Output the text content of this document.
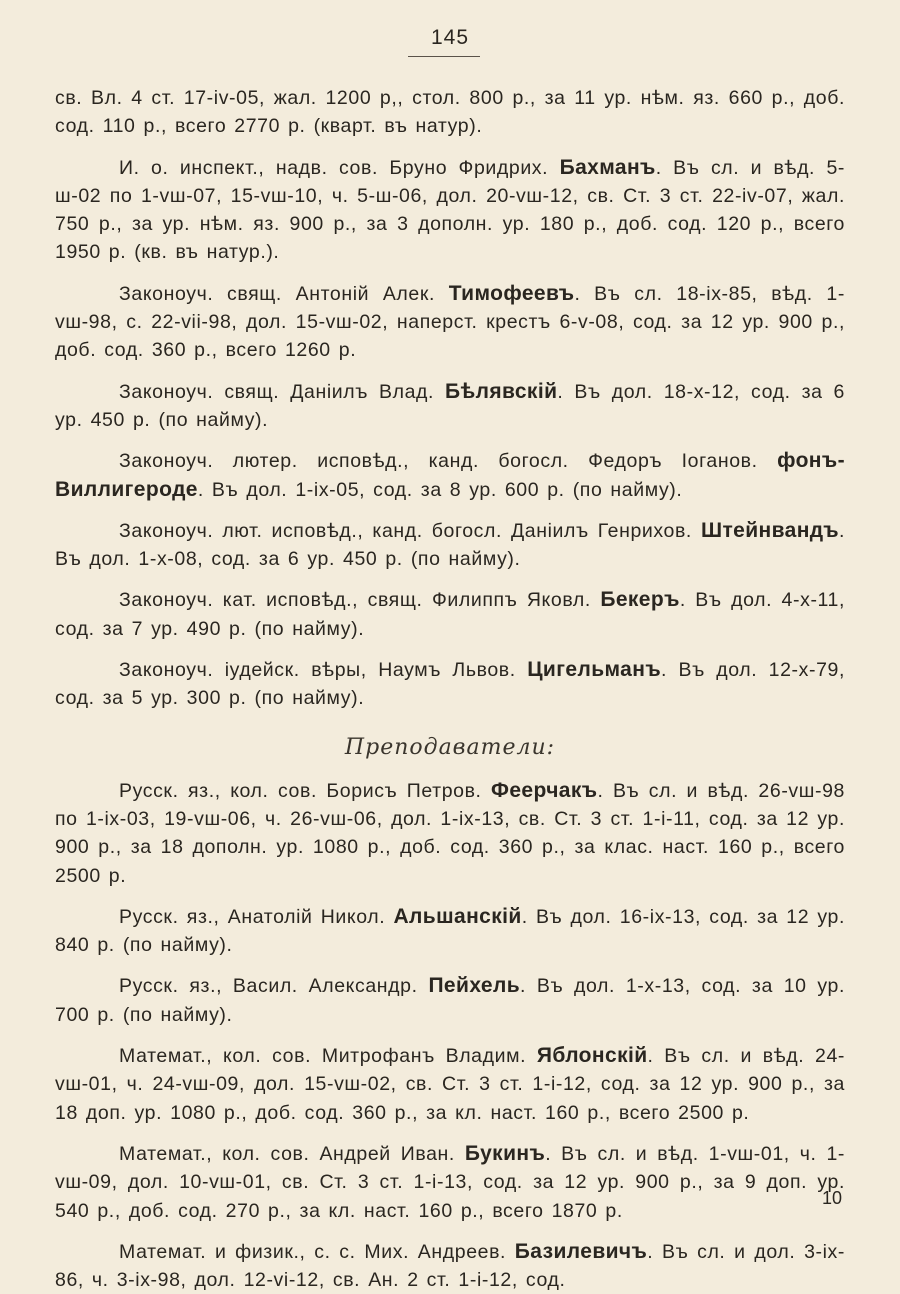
145

св. Вл. 4 ст. 17-iv-05, жал. 1200 р,, стол. 800 р., за 11 ур. нѣм. яз. 660 р., доб. сод. 110 р., всего 2770 р. (кварт. въ натур).

И. о. инспект., надв. сов. Бруно Фридрих. Бахманъ. Въ сл. и вѣд. 5-ш-02 по 1-vш-07, 15-vш-10, ч. 5-ш-06, дол. 20-vш-12, св. Ст. 3 ст. 22-iv-07, жал. 750 р., за ур. нѣм. яз. 900 р., за 3 дополн. ур. 180 р., доб. сод. 120 р., всего 1950 р. (кв. въ натур.).

Законоуч. свящ. Антонiй Алек. Тимофеевъ. Въ сл. 18-ix-85, вѣд. 1-vш-98, с. 22-vii-98, дол. 15-vш-02, наперст. крестъ 6-v-08, сод. за 12 ур. 900 р., доб. сод. 360 р., всего 1260 р.

Законоуч. свящ. Даніилъ Влад. Бѣлявскій. Въ дол. 18-x-12, сод. за 6 ур. 450 р. (по найму).

Законоуч. лютер. исповѣд., канд. богосл. Федоръ Iоганов. фонъ-Виллигероде. Въ дол. 1-ix-05, сод. за 8 ур. 600 р. (по найму).

Законоуч. лют. исповѣд., канд. богосл. Даніилъ Генрихов. Штейнвандъ. Въ дол. 1-x-08, сод. за 6 ур. 450 р. (по найму).

Законоуч. кат. исповѣд., свящ. Филиппъ Яковл. Бекеръ. Въ дол. 4-x-11, сод. за 7 ур. 490 р. (по найму).

Законоуч. iудейск. вѣры, Наумъ Львов. Цигельманъ. Въ дол. 12-x-79, сод. за 5 ур. 300 р. (по найму).

Преподаватели:

Русск. яз., кол. сов. Борисъ Петров. Феерчакъ. Въ сл. и вѣд. 26-vш-98 по 1-ix-03, 19-vш-06, ч. 26-vш-06, дол. 1-ix-13, св. Ст. 3 ст. 1-i-11, сод. за 12 ур. 900 р., за 18 дополн. ур. 1080 р., доб. сод. 360 р., за клас. наст. 160 р., всего 2500 р.

Русск. яз., Анатолій Никол. Альшанскій. Въ дол. 16-ix-13, сод. за 12 ур. 840 р. (по найму).

Русск. яз., Васил. Александр. Пейхель. Въ дол. 1-x-13, сод. за 10 ур. 700 р. (по найму).

Математ., кол. сов. Митрофанъ Владим. Яблонскій. Въ сл. и вѣд. 24-vш-01, ч. 24-vш-09, дол. 15-vш-02, св. Ст. 3 ст. 1-i-12, сод. за 12 ур. 900 р., за 18 доп. ур. 1080 р., доб. сод. 360 р., за кл. наст. 160 р., всего 2500 р.

Математ., кол. сов. Андрей Иван. Букинъ. Въ сл. и вѣд. 1-vш-01, ч. 1-vш-09, дол. 10-vш-01, св. Ст. 3 ст. 1-i-13, сод. за 12 ур. 900 р., за 9 доп. ур. 540 р., доб. сод. 270 р., за кл. наст. 160 р., всего 1870 р.

Математ. и физик., с. с. Мих. Андреев. Базилевичъ. Въ сл. и дол. 3-ix-86, ч. 3-ix-98, дол. 12-vi-12, св. Ан. 2 ст. 1-i-12, сод.

10
